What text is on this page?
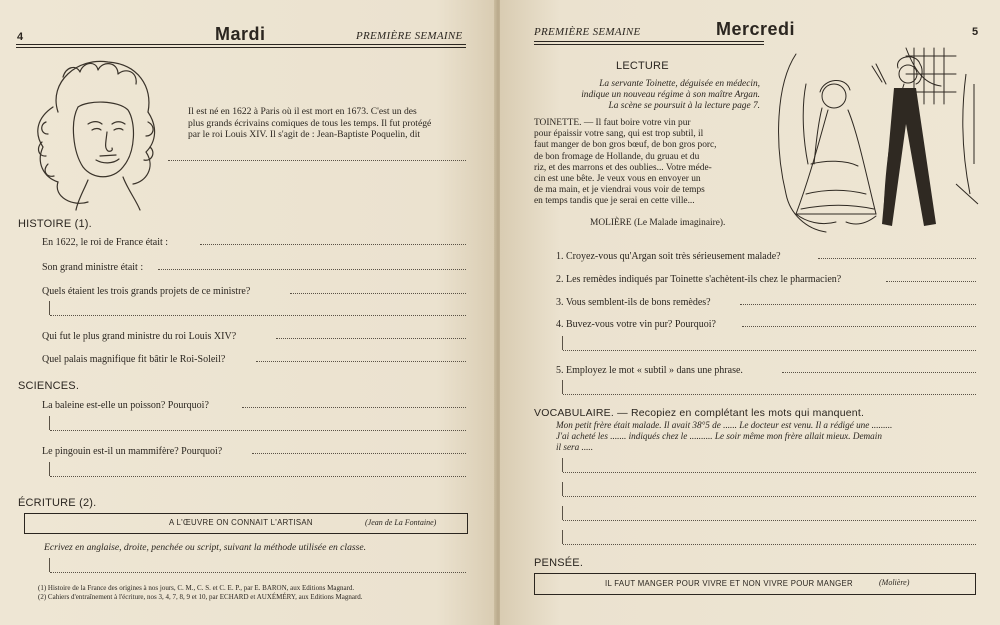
4	Mardi	PREMIÈRE SEMAINE
Il est né en 1622 à Paris où il est mort en 1673. C'est un des
plus grands écrivains comiques de tous les temps. Il fut protégé
par le roi Louis XIV. Il s'agit de : Jean-Baptiste Poquelin, dit
HISTOIRE (1).
En 1622, le roi de France était :
Son grand ministre était :
Quels étaient les trois grands projets de ce ministre?
Qui fut le plus grand ministre du roi Louis XIV?
Quel palais magnifique fit bâtir le Roi-Soleil?
SCIENCES.
La baleine est-elle un poisson? Pourquoi?
Le pingouin est-il un mammifère? Pourquoi?
ÉCRITURE (2).
A L'ŒUVRE ON CONNAIT L'ARTISAN	(Jean de La Fontaine)
Ecrivez en anglaise, droite, penchée ou script, suivant la méthode utilisée en classe.
(1) Histoire de la France des origines à nos jours, C. M., C. S. et C. E. P., par E. BARON, aux Editions Magnard.
(2) Cahiers d'entraînement à l'écriture, nos 3, 4, 7, 8, 9 et 10, par ECHARD et AUXÉMÉRY, aux Editions Magnard.
PREMIÈRE SEMAINE	Mercredi	5
LECTURE
La servante Toinette, déguisée en médecin,
indique un nouveau régime à son maître Argan.
La scène se poursuit à la lecture page 7.
TOINETTE. — Il faut boire votre vin pur
pour épaissir votre sang, qui est trop subtil, il
faut manger de bon gros bœuf, de bon gros porc,
de bon fromage de Hollande, du gruau et du
riz, et des marrons et des oublies... Votre méde-
cin est une bête. Je veux vous en envoyer un
de ma main, et je viendrai vous voir de temps
en temps tandis que je serai en cette ville...
MOLIÈRE (Le Malade imaginaire).
1. Croyez-vous qu'Argan soit très sérieusement malade?
2. Les remèdes indiqués par Toinette s'achètent-ils chez le pharmacien?
3. Vous semblent-ils de bons remèdes?
4. Buvez-vous votre vin pur? Pourquoi?
5. Employez le mot « subtil » dans une phrase.
VOCABULAIRE. — Recopiez en complétant les mots qui manquent.
Mon petit frère était malade. Il avait 38°5 de ...... Le docteur est venu. Il a rédigé une .........
J'ai acheté les ....... indiqués chez le .......... Le soir même mon frère allait mieux. Demain
il sera .....
PENSÉE.
IL FAUT MANGER POUR VIVRE ET NON VIVRE POUR MANGER	(Molière)
